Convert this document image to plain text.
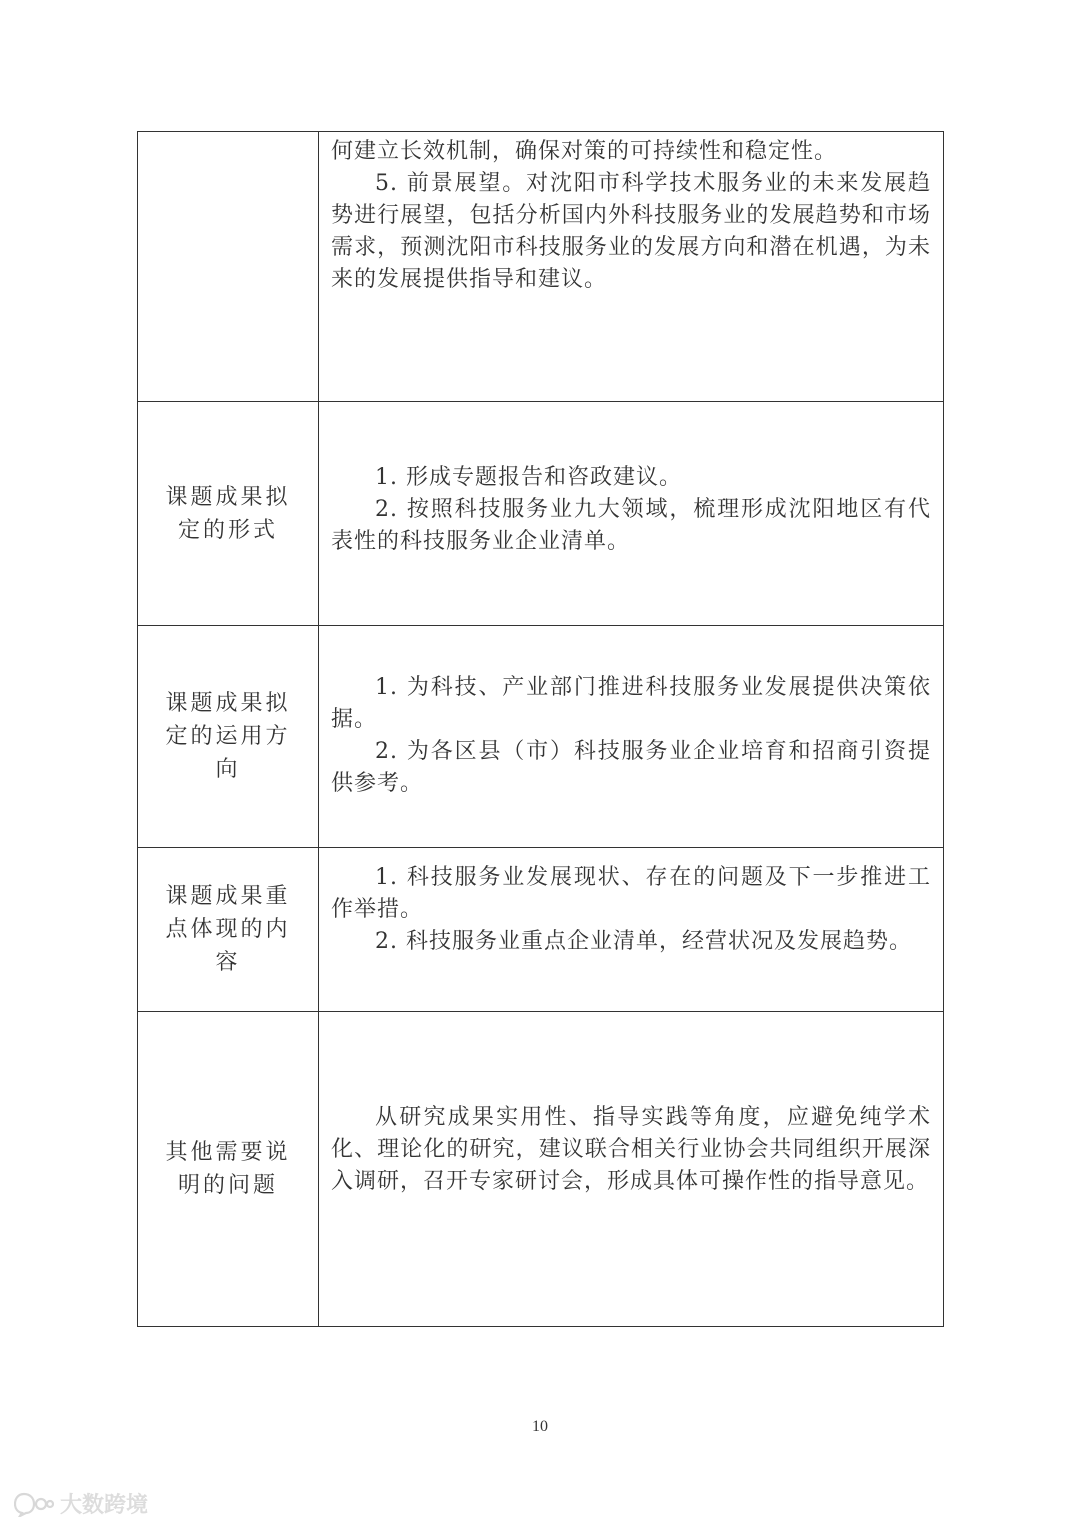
	何建立长效机制，确保对策的可持续性和稳定性。

5. 前景展望。对沈阳市科学技术服务业的未来发展趋势进行展望，包括分析国内外科技服务业的发展趋势和市场需求，预测沈阳市科技服务业的发展方向和潜在机遇，为未来的发展提供指导和建议。

课题成果拟定的形式	1. 形成专题报告和咨政建议。

2. 按照科技服务业九大领域，梳理形成沈阳地区有代表性的科技服务业企业清单。

课题成果拟定的运用方向	1. 为科技、产业部门推进科技服务业发展提供决策依据。

2. 为各区县（市）科技服务业企业培育和招商引资提供参考。

课题成果重点体现的内容	1. 科技服务业发展现状、存在的问题及下一步推进工作举措。

2. 科技服务业重点企业清单，经营状况及发展趋势。

其他需要说明的问题	从研究成果实用性、指导实践等角度，应避免纯学术化、理论化的研究，建议联合相关行业协会共同组织开展深入调研，召开专家研讨会，形成具体可操作性的指导意见。

10
大数跨境
